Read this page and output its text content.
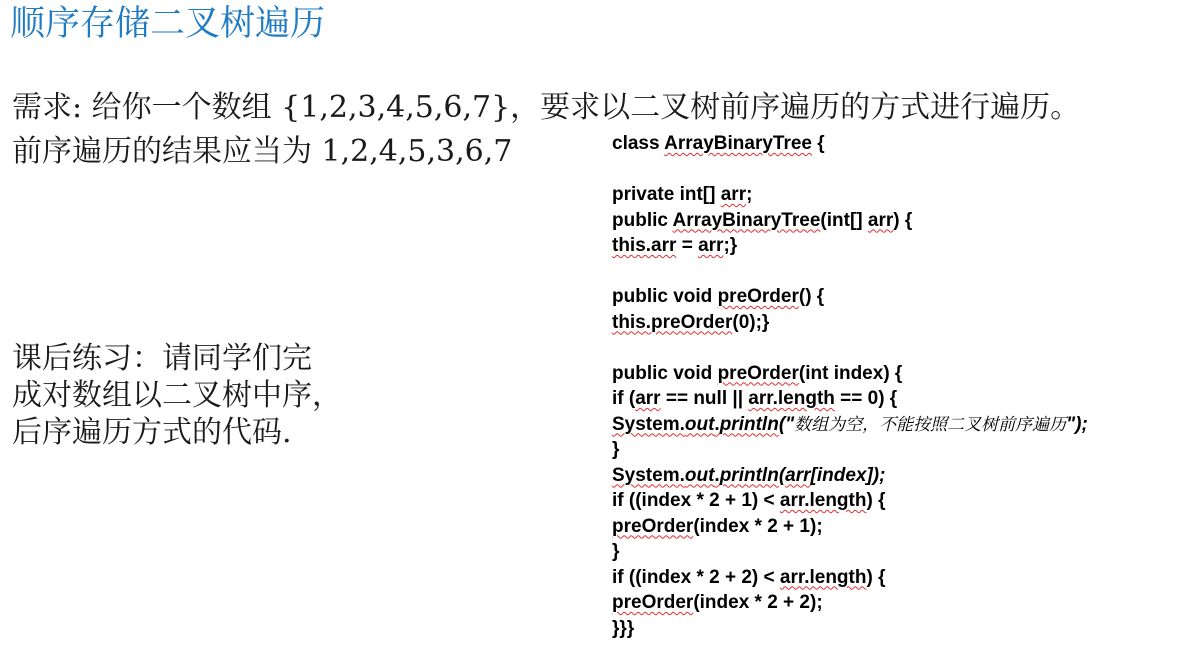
顺序存储二叉树遍历
需求: 给你一个数组 {1,2,3,4,5,6,7}，要求以二叉树前序遍历的方式进行遍历。
前序遍历的结果应当为 1,2,4,5,3,6,7
课后练习：请同学们完
成对数组以二叉树中序，
后序遍历方式的代码.
class ArrayBinaryTree {
private int[] arr;
public ArrayBinaryTree(int[] arr) {
this.arr = arr;}
public void preOrder() {
this.preOrder(0);}
public void preOrder(int index) {
if (arr == null || arr.length == 0) {
System.out.println("数组为空，不能按照二叉树前序遍历");
}
System.out.println(arr[index]);
if ((index * 2 + 1) < arr.length) {
preOrder(index * 2 + 1);
}
if ((index * 2 + 2) < arr.length) {
preOrder(index * 2 + 2);
}}}
